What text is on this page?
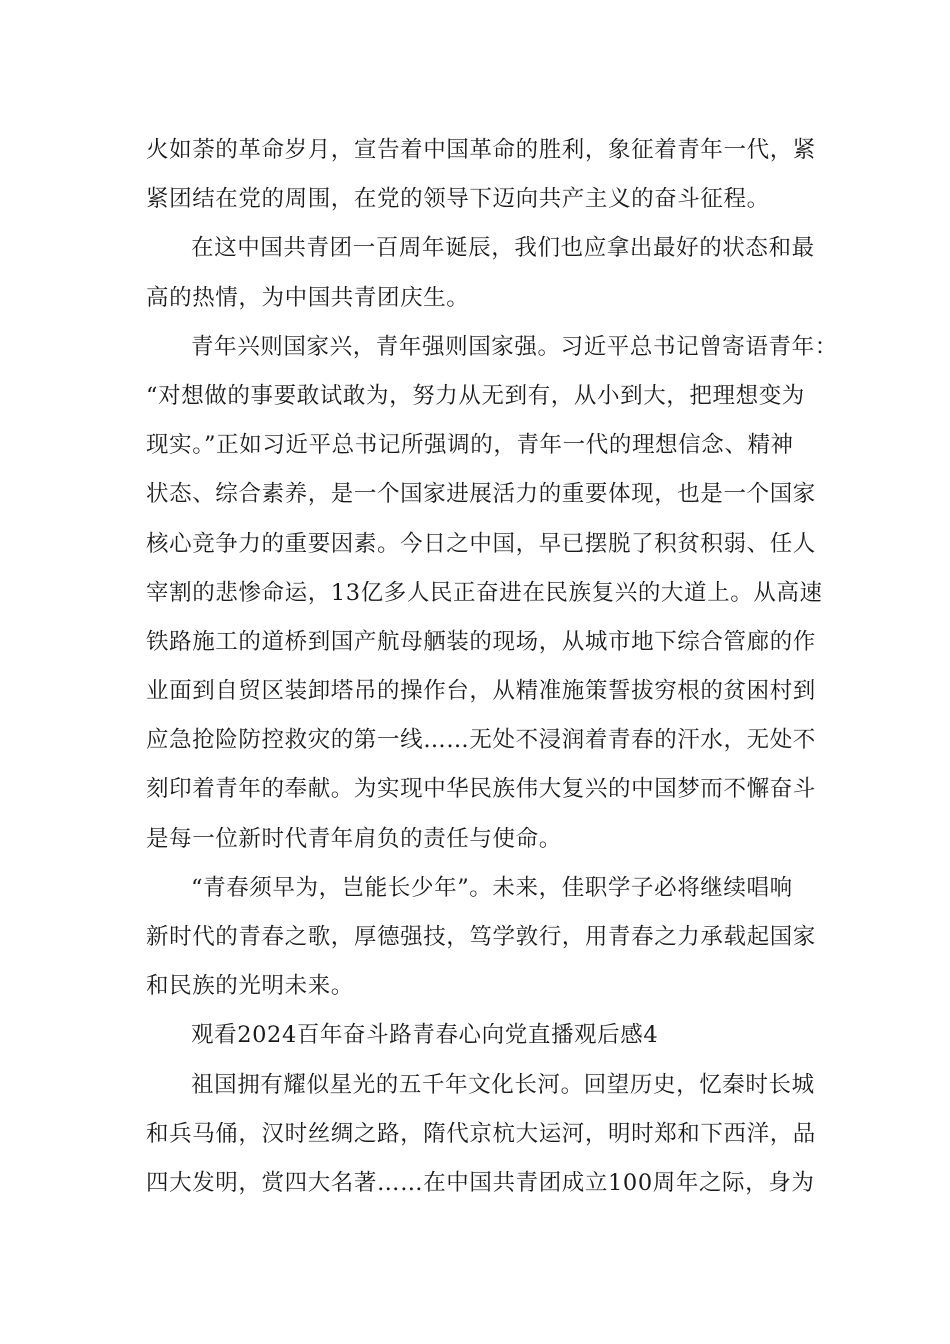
火如荼的革命岁月，宣告着中国革命的胜利，象征着青年一代，紧
紧团结在党的周围，在党的领导下迈向共产主义的奋斗征程。
在这中国共青团一百周年诞辰，我们也应拿出最好的状态和最
高的热情，为中国共青团庆生。
青年兴则国家兴，青年强则国家强。习近平总书记曾寄语青年：
“对想做的事要敢试敢为，努力从无到有，从小到大，把理想变为
现实。”正如习近平总书记所强调的，青年一代的理想信念、精神
状态、综合素养，是一个国家进展活力的重要体现，也是一个国家
核心竞争力的重要因素。今日之中国，早已摆脱了积贫积弱、任人
宰割的悲惨命运，13亿多人民正奋进在民族复兴的大道上。从高速
铁路施工的道桥到国产航母舾装的现场，从城市地下综合管廊的作
业面到自贸区装卸塔吊的操作台，从精准施策誓拔穷根的贫困村到
应急抢险防控救灾的第一线……无处不浸润着青春的汗水，无处不
刻印着青年的奉献。为实现中华民族伟大复兴的中国梦而不懈奋斗
是每一位新时代青年肩负的责任与使命。
“青春须早为，岂能长少年”。未来，佳职学子必将继续唱响
新时代的青春之歌，厚德强技，笃学敦行，用青春之力承载起国家
和民族的光明未来。
观看2024百年奋斗路青春心向党直播观后感4
祖国拥有耀似星光的五千年文化长河。回望历史，忆秦时长城
和兵马俑，汉时丝绸之路，隋代京杭大运河，明时郑和下西洋，品
四大发明，赏四大名著……在中国共青团成立100周年之际，身为
